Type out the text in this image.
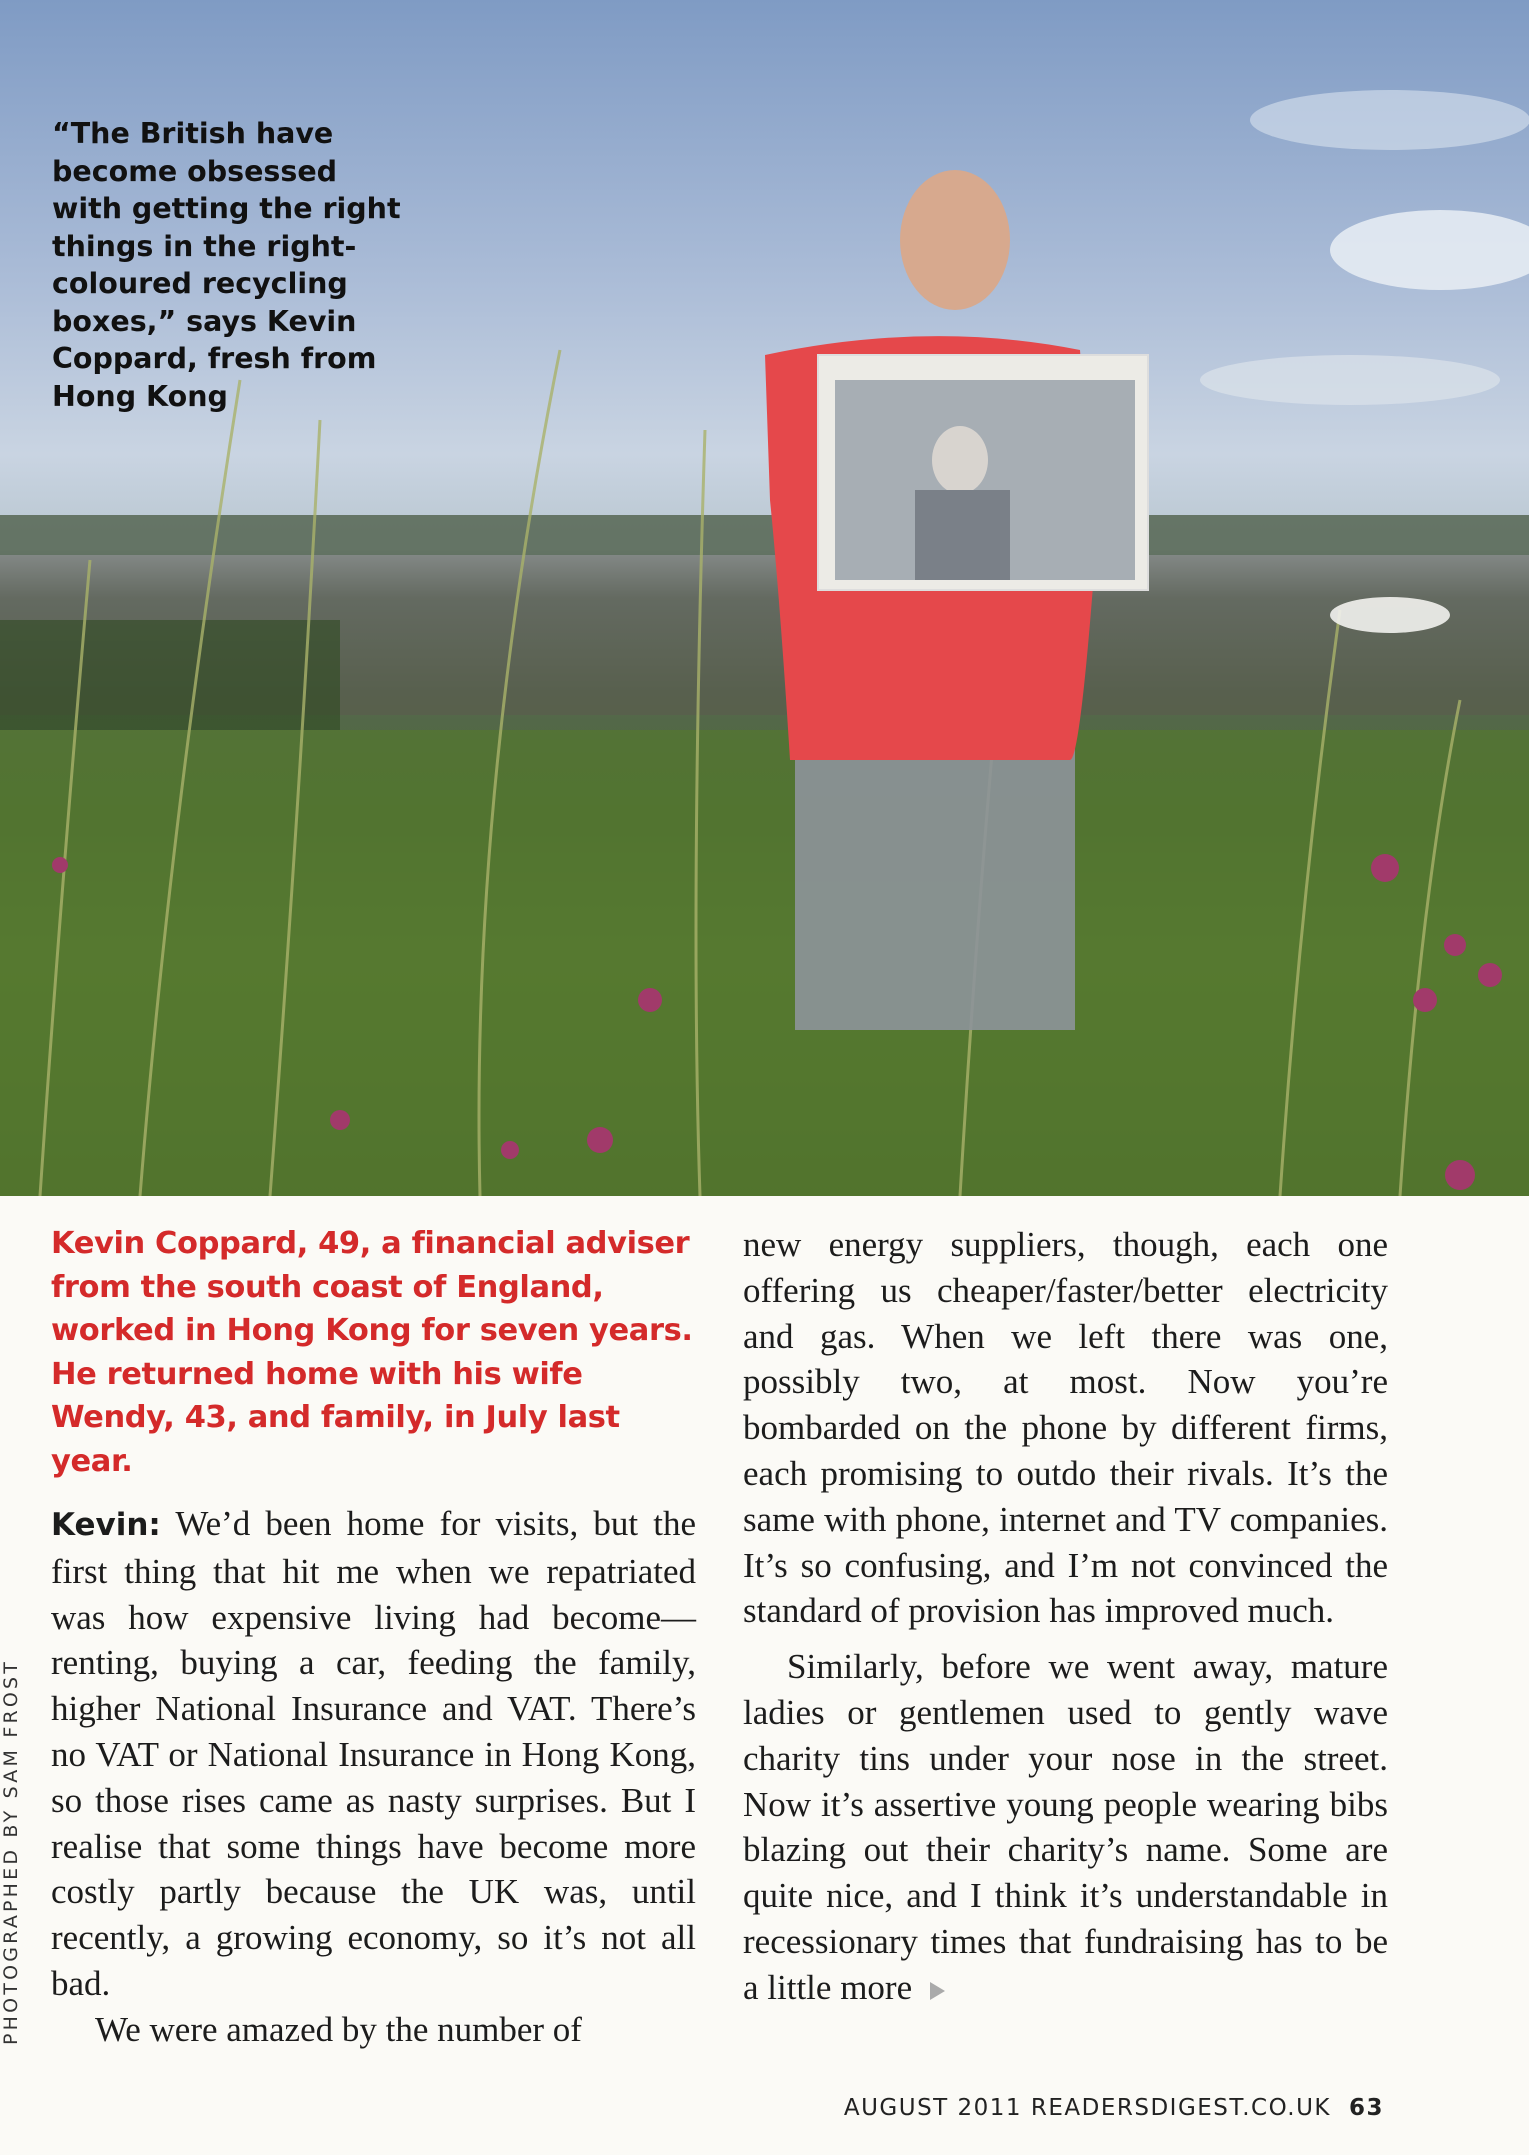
“The British have become obsessed with getting the right things in the right-coloured recycling boxes,” says Kevin Coppard, fresh from Hong Kong
PHOTOGRAPHED BY SAM FROST

Kevin Coppard, 49, a financial adviser from the south coast of England, worked in Hong Kong for seven years. He returned home with his wife Wendy, 43, and family, in July last year.

Kevin: We’d been home for visits, but the first thing that hit me when we repatriated was how expensive living had become—renting, buying a car, feeding the family, higher National Insurance and VAT. There’s no VAT or National Insurance in Hong Kong, so those rises came as nasty surprises. But I realise that some things have become more costly partly because the UK was, until recently, a growing economy, so it’s not all bad.

We were amazed by the number of

new energy suppliers, though, each one offering us cheaper/faster/better electricity and gas. When we left there was one, possibly two, at most. Now you’re bombarded on the phone by different firms, each promising to outdo their rivals. It’s the same with phone, internet and TV companies. It’s so confusing, and I’m not convinced the standard of provision has improved much.

Similarly, before we went away, mature ladies or gentlemen used to gently wave charity tins under your nose in the street. Now it’s assertive young people wearing bibs blazing out their charity’s name. Some are quite nice, and I think it’s understandable in recessionary times that fundraising has to be a little more

AUGUST 2011 READERSDIGEST.CO.UK 63
